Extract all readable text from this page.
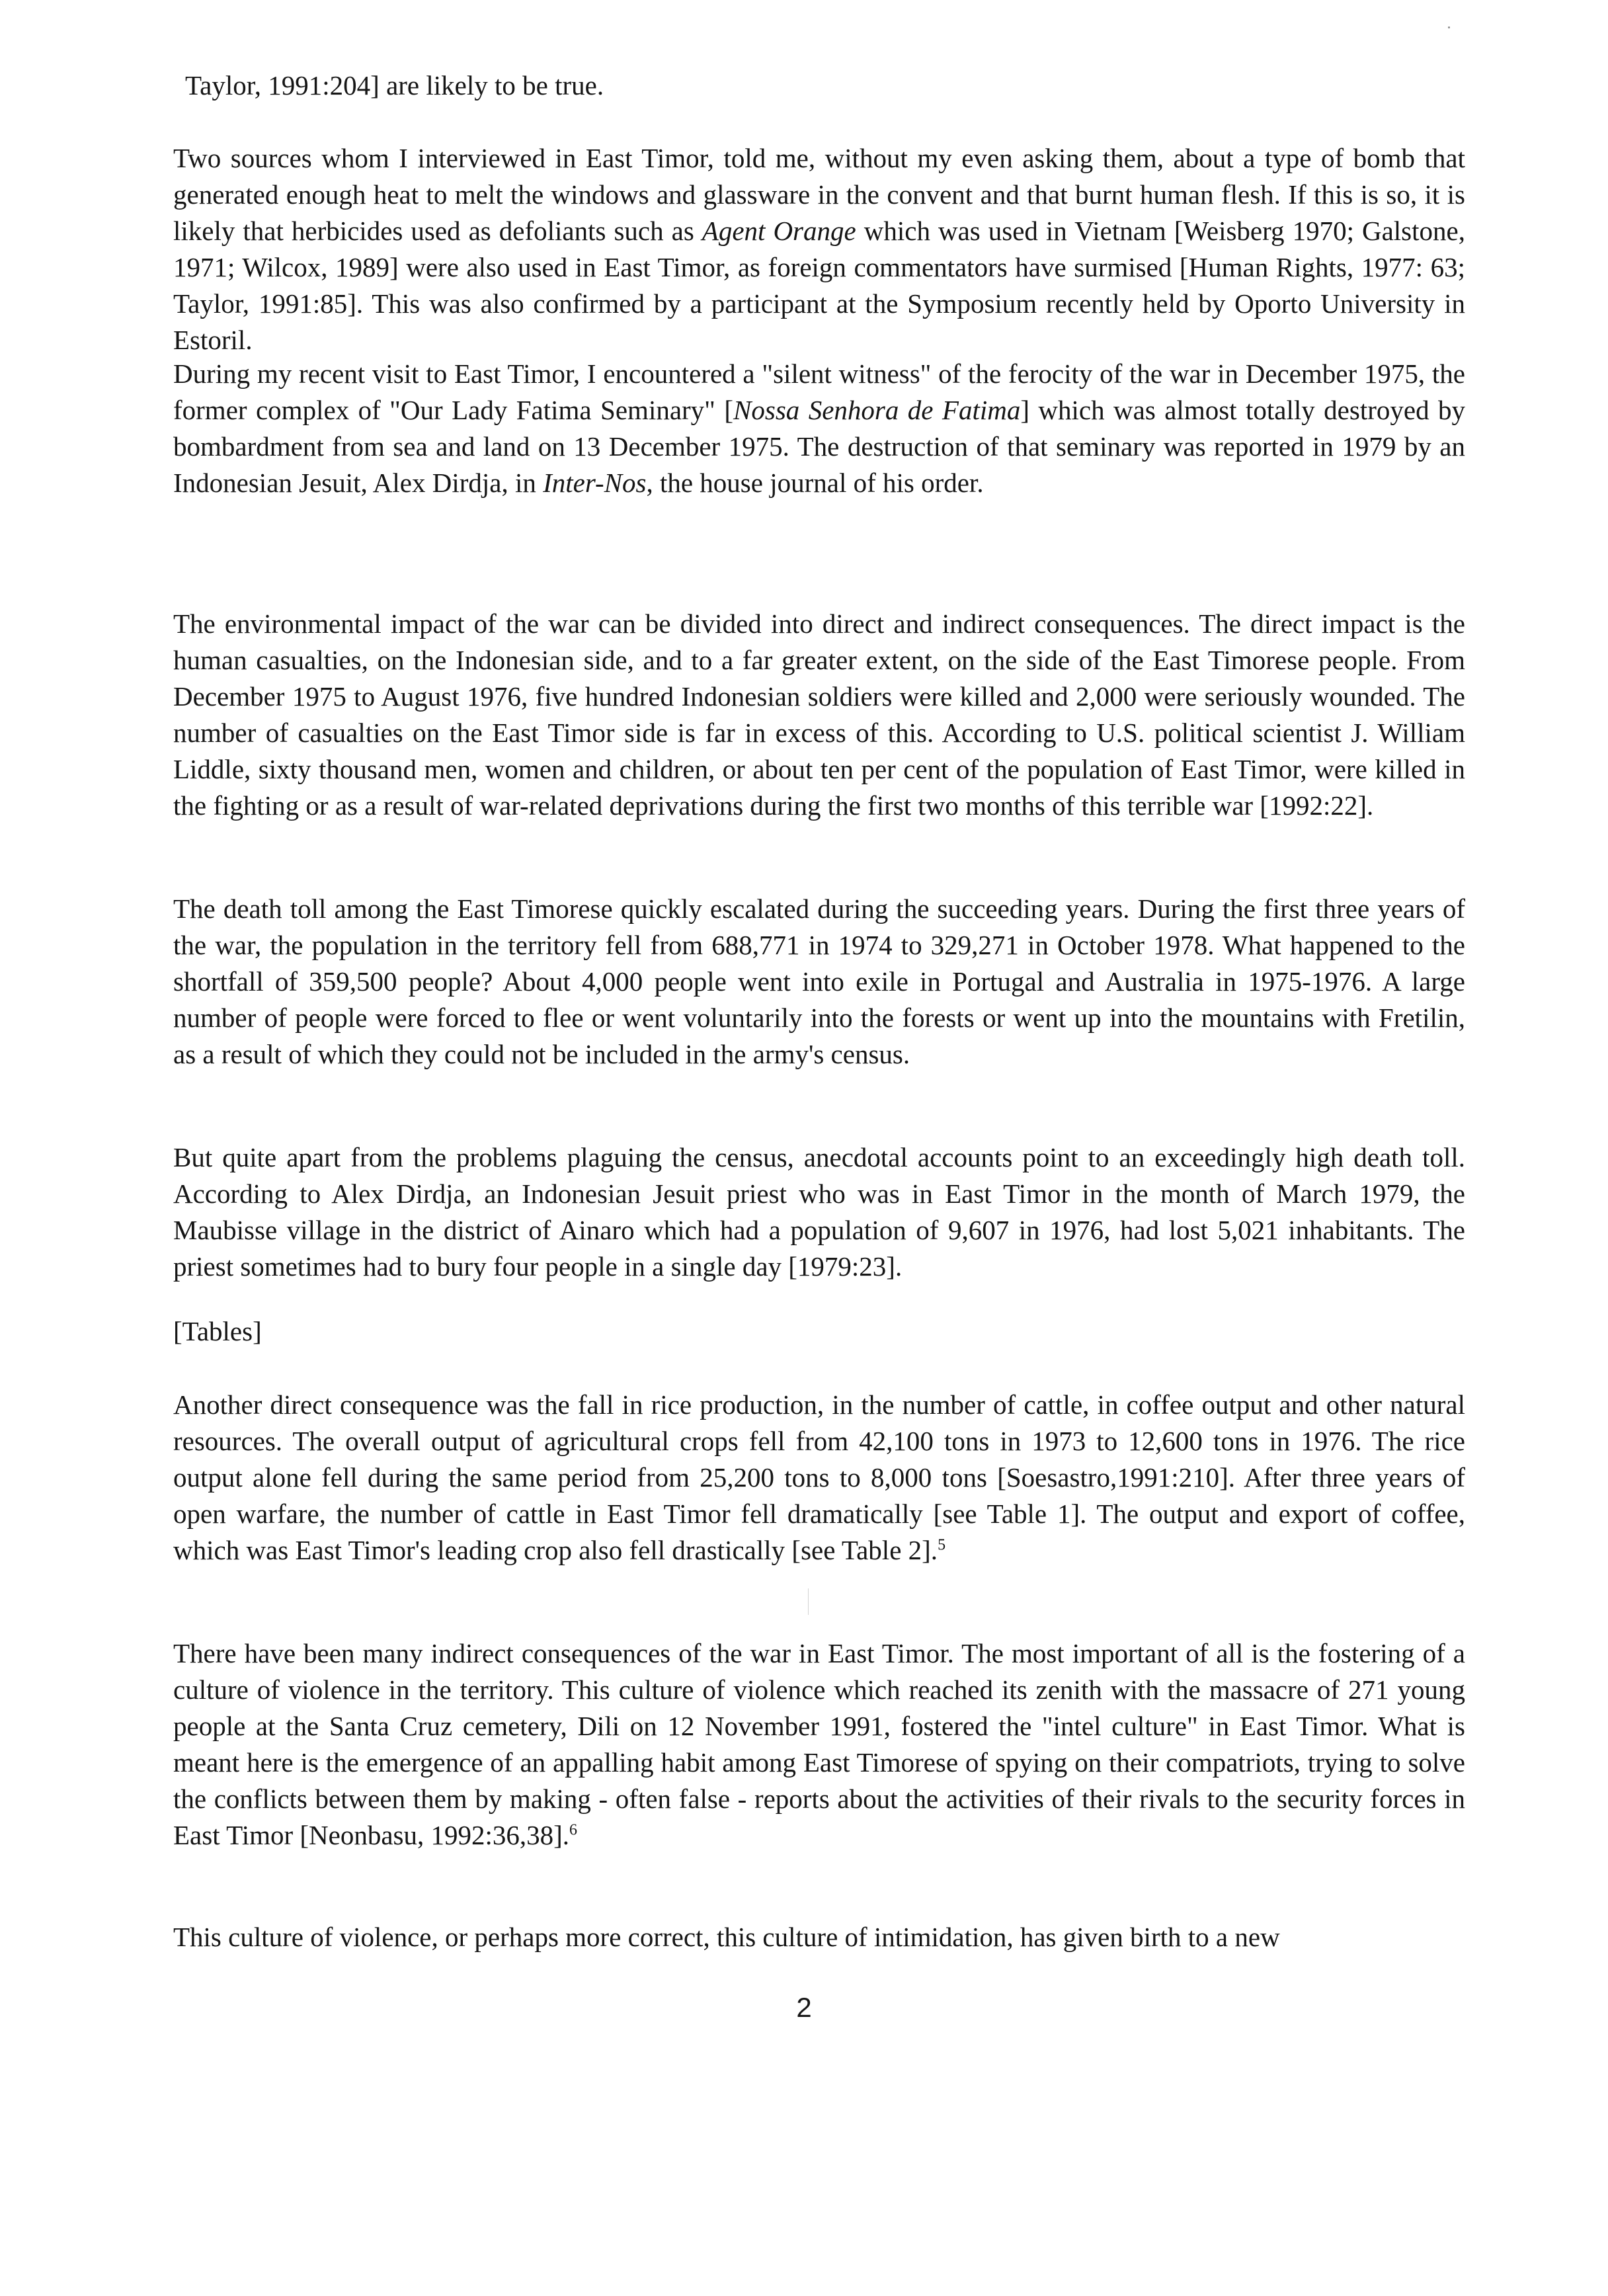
Taylor, 1991:204] are likely to be true.

Two sources whom I interviewed in East Timor, told me, without my even asking them, about a type of bomb that generated enough heat to melt the windows and glassware in the convent and that burnt human flesh. If this is so, it is likely that herbicides used as defoliants such as Agent Orange which was used in Vietnam [Weisberg 1970; Galstone, 1971; Wilcox, 1989] were also used in East Timor, as foreign commentators have surmised [Human Rights, 1977: 63; Taylor, 1991:85]. This was also confirmed by a participant at the Symposium recently held by Oporto University in Estoril.

During my recent visit to East Timor, I encountered a "silent witness" of the ferocity of the war in December 1975, the former complex of "Our Lady Fatima Seminary" [Nossa Senhora de Fatima] which was almost totally destroyed by bombardment from sea and land on 13 December 1975. The destruction of that seminary was reported in 1979 by an Indonesian Jesuit, Alex Dirdja, in Inter-Nos, the house journal of his order.

The environmental impact of the war can be divided into direct and indirect consequences. The direct impact is the human casualties, on the Indonesian side, and to a far greater extent, on the side of the East Timorese people. From December 1975 to August 1976, five hundred Indonesian soldiers were killed and 2,000 were seriously wounded. The number of casualties on the East Timor side is far in excess of this. According to U.S. political scientist J. William Liddle, sixty thousand men, women and children, or about ten per cent of the population of East Timor, were killed in the fighting or as a result of war-related deprivations during the first two months of this terrible war [1992:22].

The death toll among the East Timorese quickly escalated during the succeeding years. During the first three years of the war, the population in the territory fell from 688,771 in 1974 to 329,271 in October 1978. What happened to the shortfall of 359,500 people? About 4,000 people went into exile in Portugal and Australia in 1975-1976. A large number of people were forced to flee or went voluntarily into the forests or went up into the mountains with Fretilin, as a result of which they could not be included in the army's census.

But quite apart from the problems plaguing the census, anecdotal accounts point to an exceedingly high death toll. According to Alex Dirdja, an Indonesian Jesuit priest who was in East Timor in the month of March 1979, the Maubisse village in the district of Ainaro which had a population of 9,607 in 1976, had lost 5,021 inhabitants. The priest sometimes had to bury four people in a single day [1979:23].

[Tables]

Another direct consequence was the fall in rice production, in the number of cattle, in coffee output and other natural resources. The overall output of agricultural crops fell from 42,100 tons in 1973 to 12,600 tons in 1976. The rice output alone fell during the same period from 25,200 tons to 8,000 tons [Soesastro,1991:210]. After three years of open warfare, the number of cattle in East Timor fell dramatically [see Table 1]. The output and export of coffee, which was East Timor's leading crop also fell drastically [see Table 2].$^5$

There have been many indirect consequences of the war in East Timor. The most important of all is the fostering of a culture of violence in the territory. This culture of violence which reached its zenith with the massacre of 271 young people at the Santa Cruz cemetery, Dili on 12 November 1991, fostered the "intel culture" in East Timor. What is meant here is the emergence of an appalling habit among East Timorese of spying on their compatriots, trying to solve the conflicts between them by making - often false - reports about the activities of their rivals to the security forces in East Timor [Neonbasu, 1992:36,38].$^6$

This culture of violence, or perhaps more correct, this culture of intimidation, has given birth to a new

2
